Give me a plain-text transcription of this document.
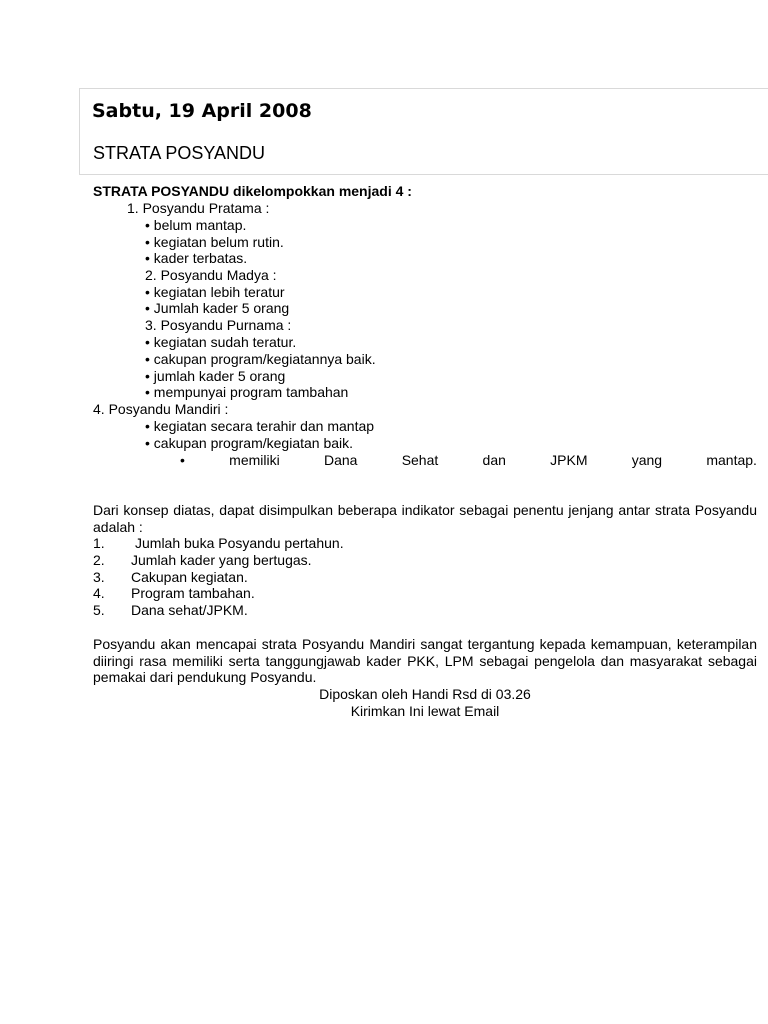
Sabtu, 19 April 2008
STRATA POSYANDU
STRATA POSYANDU dikelompokkan menjadi 4 :
1. Posyandu Pratama :
• belum mantap.
• kegiatan belum rutin.
• kader terbatas.
2. Posyandu Madya :
• kegiatan lebih teratur
• Jumlah kader 5 orang
3. Posyandu Purnama :
• kegiatan sudah teratur.
• cakupan program/kegiatannya baik.
• jumlah kader 5 orang
• mempunyai program tambahan
4. Posyandu Mandiri :
• kegiatan secara terahir dan mantap
• cakupan program/kegiatan baik.
•	memiliki	Dana	Sehat	dan	JPKM	yang	mantap.
Dari konsep diatas, dapat disimpulkan beberapa indikator sebagai penentu jenjang antar strata Posyandu adalah :
1. Jumlah buka Posyandu pertahun.
2. Jumlah kader yang bertugas.
3. Cakupan kegiatan.
4. Program tambahan.
5. Dana sehat/JPKM.
Posyandu akan mencapai strata Posyandu Mandiri sangat tergantung kepada kemampuan, keterampilan diiringi rasa memiliki serta tanggungjawab kader PKK, LPM sebagai pengelola dan masyarakat sebagai pemakai dari pendukung Posyandu.
Diposkan oleh Handi Rsd di 03.26
Kirimkan Ini lewat Email
